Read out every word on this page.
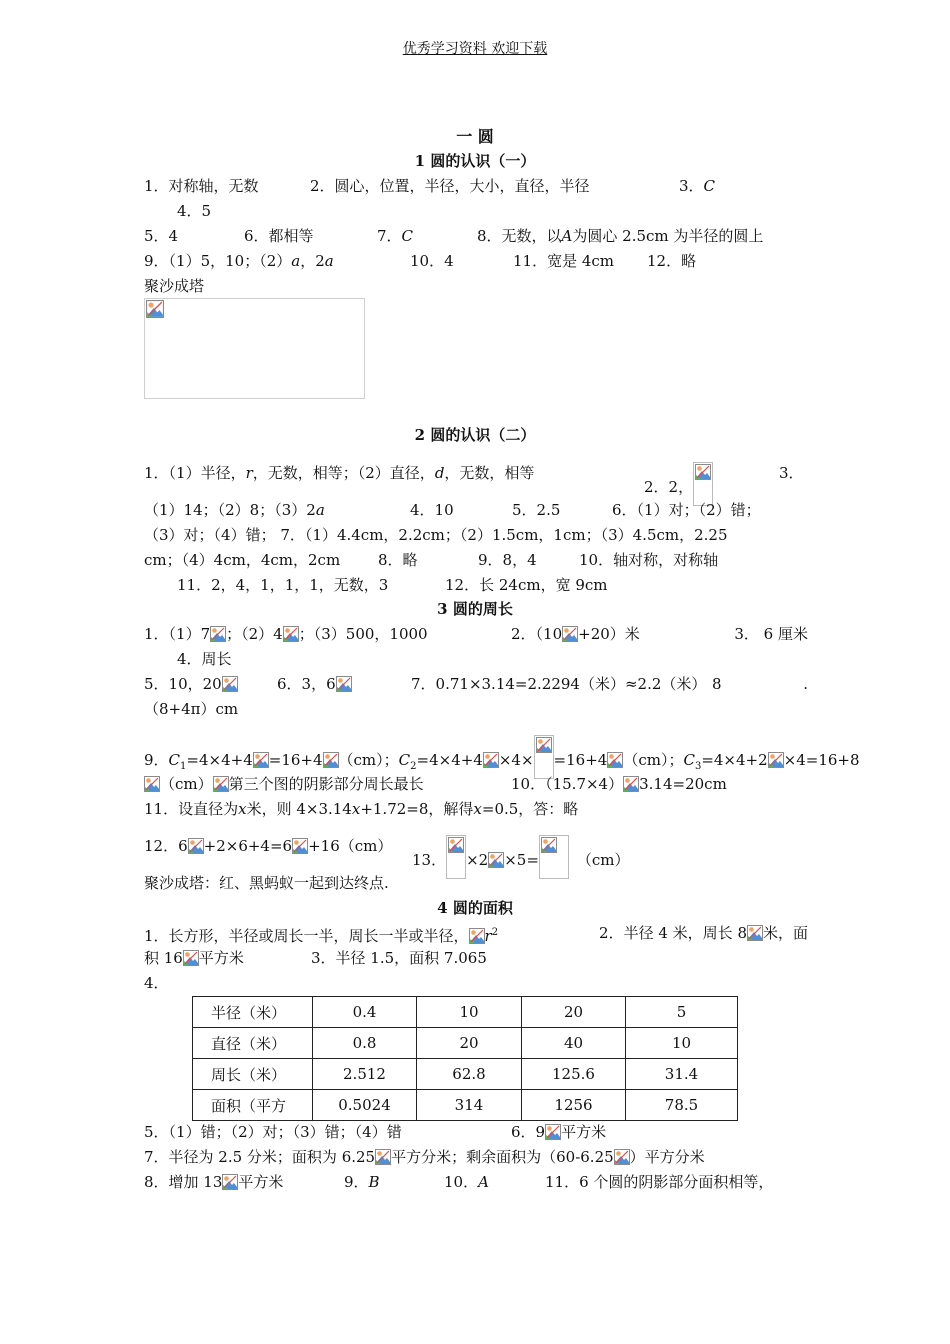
优秀学习资料 欢迎下载
一 圆
1 圆的认识（一）
1．对称轴，无数	2．圆心，位置，半径，大小，直径，半径	3．C
4．5
5．4	6．都相等	7．C	8．无数，以A为圆心 2.5cm 为半径的圆上
9．（1）5，10；（2）a，2a	10．4	11．宽是 4cm 12．略
聚沙成塔
2 圆的认识（二）
1．（1）半径，r，无数，相等；（2）直径，d，无数，相等
2．2，
3．
（1）14；（2）8；（3）2a	4．10	5．2.5	6．（1）对；（2）错；
（3）对；（4）错； 7．（1）4.4cm，2.2cm；（2）1.5cm，1cm；（3）4.5cm，2.25
cm；（4）4cm，4cm，2cm	8．略	9．8，4	10．轴对称，对称轴
11．2，4，1，1，1，无数，3	12．长 24cm，宽 9cm
3 圆的周长
1．（1）7 ；（2）4 ；（3）500，1000	2．（10 +20）米	3． 6 厘米
4．周长
5．10，20	6．3，6	7．0.71×3.14=2.2294（米）≈2.2（米） 8	.
（8+4π）cm
9．$C_1=4\times 4+4 =16+4$ （cm）；$C_2=4\times 4+4 \times 4\times =16+4$ （cm）；$C_3=4\times 4+2 \times 4=16+8$
（cm） 第三个图的阴影部分周长最长	10．（15.7×4） 3.14=20cm
11．设直径为x米，则 4×3.14x+1.72=8，解得x=0.5，答：略
12．6 +2×6+4=6 +16（cm）
13． ×2 ×5=	（cm）
聚沙成塔：红、黑蚂蚁一起到达终点.
4 圆的面积
1．长方形，半径或周长一半，周长一半或半径， $r^2$	2．半径 4 米，周长 8 米，面
积 16 平方米	3．半径 1.5，面积 7.065
4．
半径（米）	0.4	10	20	5
直径（米）	0.8	20	40	10
周长（米）	2.512	62.8	125.6	31.4
面积（平方	0.5024	314	1256	78.5
5．（1）错；（2）对；（3）错；（4）错	6．9 平方米
7．半径为 2.5 分米；面积为 6.25 平方分米；剩余面积为（60-6.25 ）平方分米
8．增加 13 平方米	9．B	10．A	11．6 个圆的阴影部分面积相等，
